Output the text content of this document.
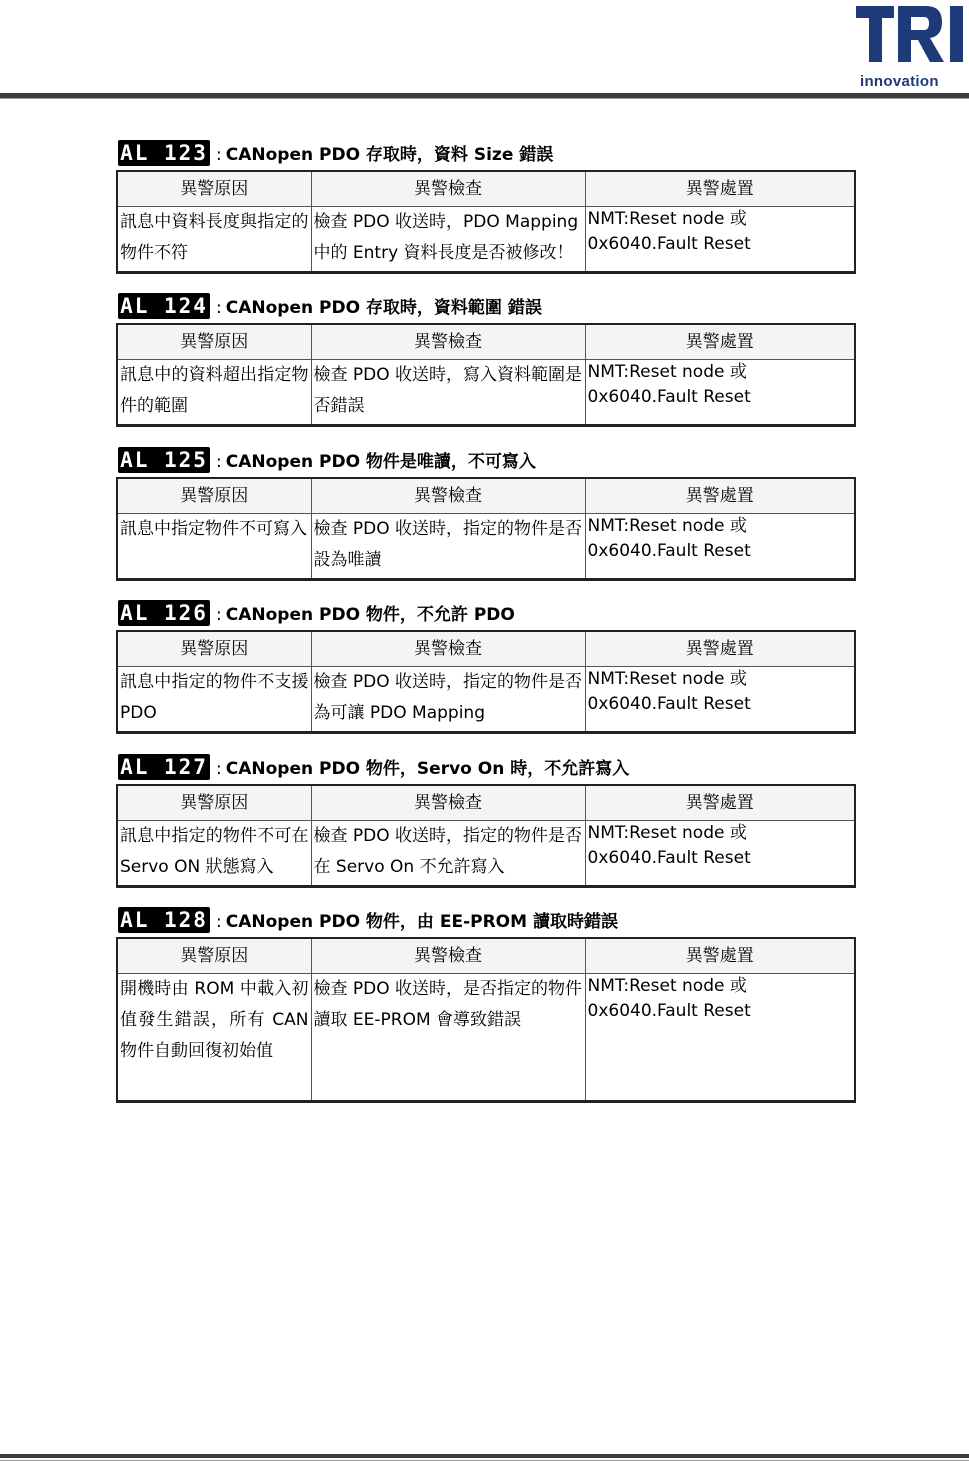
innovation
AL 123 : CANopen PDO 存取時，資料 Size 錯誤
異警原因	異警檢查	異警處置
訊息中資料長度與指定的物件不符	檢查 PDO 收送時，PDO Mapping 中的 Entry 資料長度是否被修改！	NMT:Reset node 或 0x6040.Fault Reset
AL 124 : CANopen PDO 存取時，資料範圍 錯誤
異警原因	異警檢查	異警處置
訊息中的資料超出指定物件的範圍	檢查 PDO 收送時，寫入資料範圍是否錯誤	NMT:Reset node 或 0x6040.Fault Reset
AL 125 : CANopen PDO 物件是唯讀，不可寫入
異警原因	異警檢查	異警處置
訊息中指定物件不可寫入	檢查 PDO 收送時，指定的物件是否設為唯讀	NMT:Reset node 或 0x6040.Fault Reset
AL 126 : CANopen PDO 物件，不允許 PDO
異警原因	異警檢查	異警處置
訊息中指定的物件不支援 PDO	檢查 PDO 收送時，指定的物件是否為可讓 PDO Mapping	NMT:Reset node 或 0x6040.Fault Reset
AL 127 : CANopen PDO 物件，Servo On 時，不允許寫入
異警原因	異警檢查	異警處置
訊息中指定的物件不可在 Servo ON 狀態寫入	檢查 PDO 收送時，指定的物件是否在 Servo On 不允許寫入	NMT:Reset node 或 0x6040.Fault Reset
AL 128 : CANopen PDO 物件，由 EE-PROM 讀取時錯誤
異警原因	異警檢查	異警處置
開機時由 ROM 中載入初值發生錯誤，所有 CAN 物件自動回復初始值	檢查 PDO 收送時，是否指定的物件讀取 EE-PROM 會導致錯誤	NMT:Reset node 或 0x6040.Fault Reset
